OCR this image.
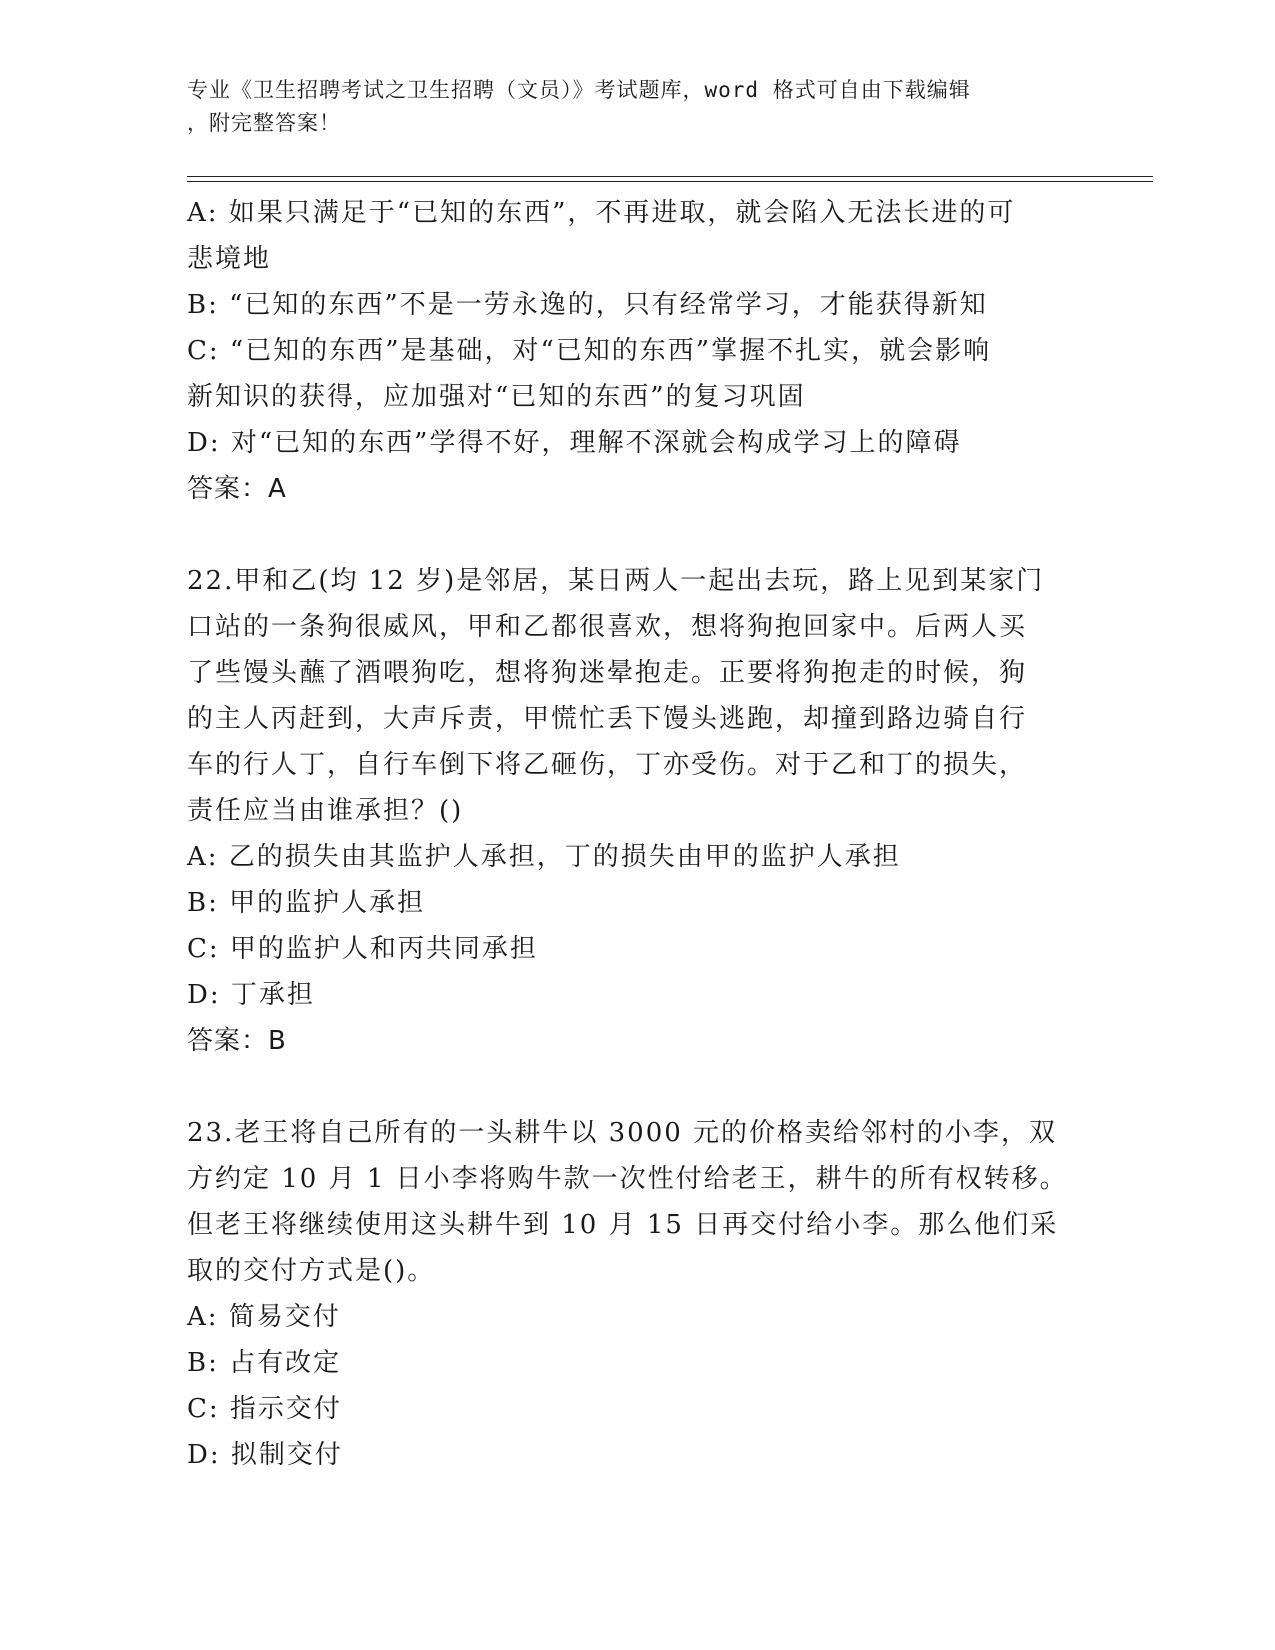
专业《卫生招聘考试之卫生招聘（文员）》考试题库，word 格式可自由下载编辑
，附完整答案！
A: 如果只满足于“已知的东西”，不再进取，就会陷入无法长进的可
悲境地
B: “已知的东西”不是一劳永逸的，只有经常学习，才能获得新知
C: “已知的东西”是基础，对“已知的东西”掌握不扎实，就会影响
新知识的获得，应加强对“已知的东西”的复习巩固
D: 对“已知的东西”学得不好，理解不深就会构成学习上的障碍
答案：A
22.甲和乙(均 12 岁)是邻居，某日两人一起出去玩，路上见到某家门
口站的一条狗很威风，甲和乙都很喜欢，想将狗抱回家中。后两人买
了些馒头蘸了酒喂狗吃，想将狗迷晕抱走。正要将狗抱走的时候，狗
的主人丙赶到，大声斥责，甲慌忙丢下馒头逃跑，却撞到路边骑自行
车的行人丁，自行车倒下将乙砸伤，丁亦受伤。对于乙和丁的损失，
责任应当由谁承担？()
A: 乙的损失由其监护人承担，丁的损失由甲的监护人承担
B: 甲的监护人承担
C: 甲的监护人和丙共同承担
D: 丁承担
答案：B
23.老王将自己所有的一头耕牛以 3000 元的价格卖给邻村的小李，双
方约定 10 月 1 日小李将购牛款一次性付给老王，耕牛的所有权转移。
但老王将继续使用这头耕牛到 10 月 15 日再交付给小李。那么他们采
取的交付方式是()。
A: 简易交付
B: 占有改定
C: 指示交付
D: 拟制交付
